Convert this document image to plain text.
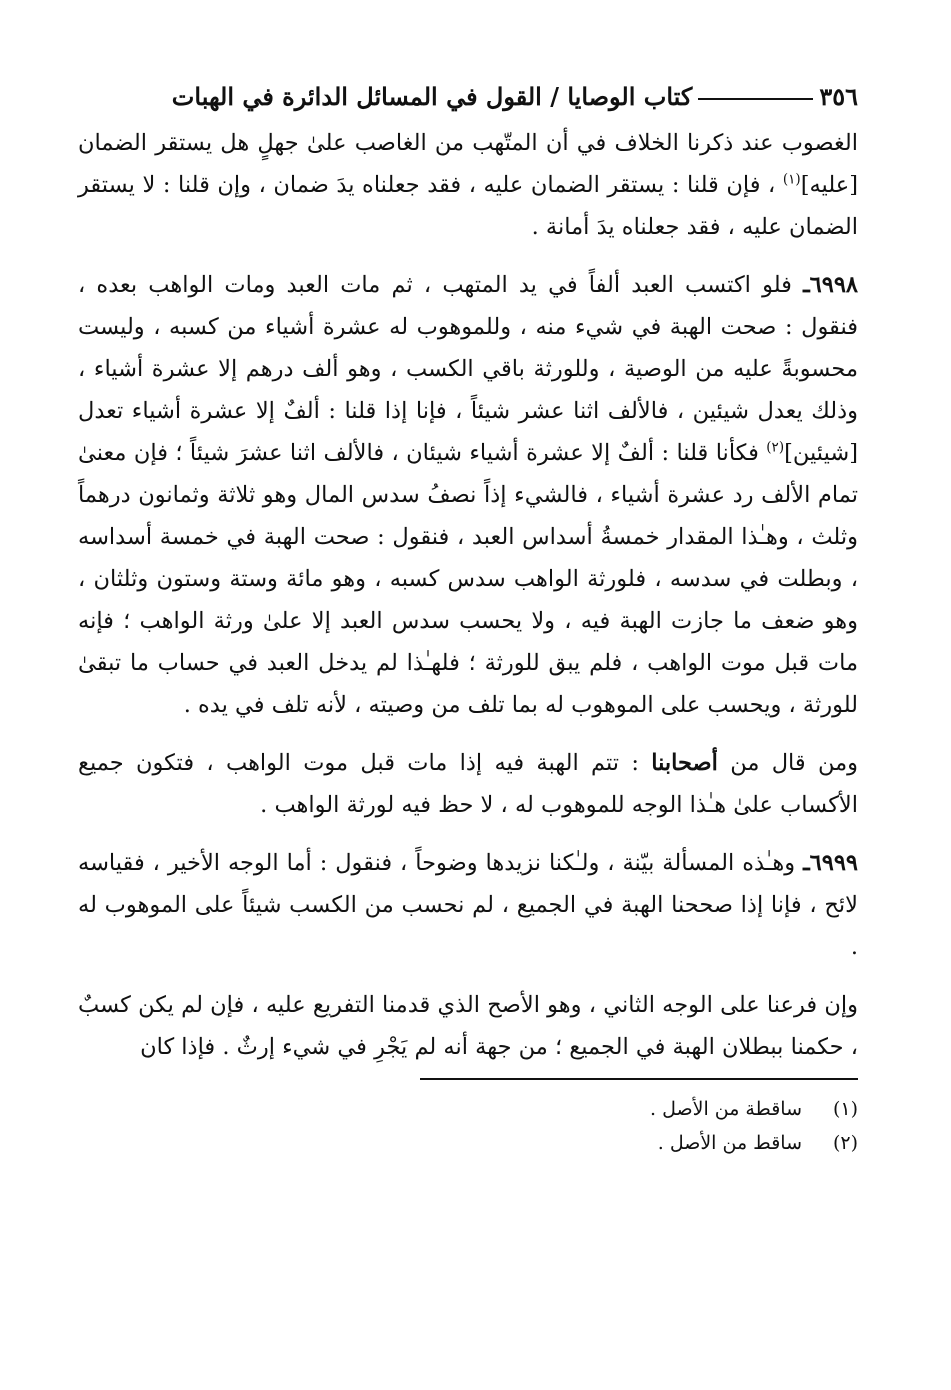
٣٥٦
كتاب الوصايا / القول في المسائل الدائرة في الهبات

الغصوب عند ذكرنا الخلاف في أن المتّهب من الغاصب علىٰ جهلٍ هل يستقر الضمان [عليه]$^{(١)}$ ، فإن قلنا : يستقر الضمان عليه ، فقد جعلناه يدَ ضمان ، وإن قلنا : لا يستقر الضمان عليه ، فقد جعلناه يدَ أمانة .

٦٩٩٨ـ فلو اكتسب العبد ألفاً في يد المتهب ، ثم مات العبد ومات الواهب بعده ، فنقول : صحت الهبة في شيء منه ، وللموهوب له عشرة أشياء من كسبه ، وليست محسوبةً عليه من الوصية ، وللورثة باقي الكسب ، وهو ألف درهم إلا عشرة أشياء ، وذلك يعدل شيئين ، فالألف اثنا عشر شيئاً ، فإنا إذا قلنا : ألفٌ إلا عشرة أشياء تعدل [شيئين]$^{(٢)}$ فكأنا قلنا : ألفٌ إلا عشرة أشياء شيئان ، فالألف اثنا عشرَ شيئاً ؛ فإن معنىٰ تمام الألف رد عشرة أشياء ، فالشيء إذاً نصفُ سدس المال وهو ثلاثة وثمانون درهماً وثلث ، وهـٰذا المقدار خمسةُ أسداس العبد ، فنقول : صحت الهبة في خمسة أسداسه ، وبطلت في سدسه ، فلورثة الواهب سدس كسبه ، وهو مائة وستة وستون وثلثان ، وهو ضعف ما جازت الهبة فيه ، ولا يحسب سدس العبد إلا علىٰ ورثة الواهب ؛ فإنه مات قبل موت الواهب ، فلم يبق للورثة ؛ فلهـٰذا لم يدخل العبد في حساب ما تبقىٰ للورثة ، ويحسب على الموهوب له بما تلف من وصيته ، لأنه تلف في يده .

ومن قال من أصحابنا : تتم الهبة فيه إذا مات قبل موت الواهب ، فتكون جميع الأكساب علىٰ هـٰذا الوجه للموهوب له ، لا حظ فيه لورثة الواهب .

٦٩٩٩ـ وهـٰذه المسألة بيّنة ، ولـٰكنا نزيدها وضوحاً ، فنقول : أما الوجه الأخير ، فقياسه لائح ، فإنا إذا صححنا الهبة في الجميع ، لم نحسب من الكسب شيئاً على الموهوب له .

وإن فرعنا على الوجه الثاني ، وهو الأصح الذي قدمنا التفريع عليه ، فإن لم يكن كسبٌ ، حكمنا ببطلان الهبة في الجميع ؛ من جهة أنه لم يَجْرِ في شيء إرثٌ . فإذا كان

(١)
ساقطة من الأصل .
(٢)
ساقط من الأصل .
